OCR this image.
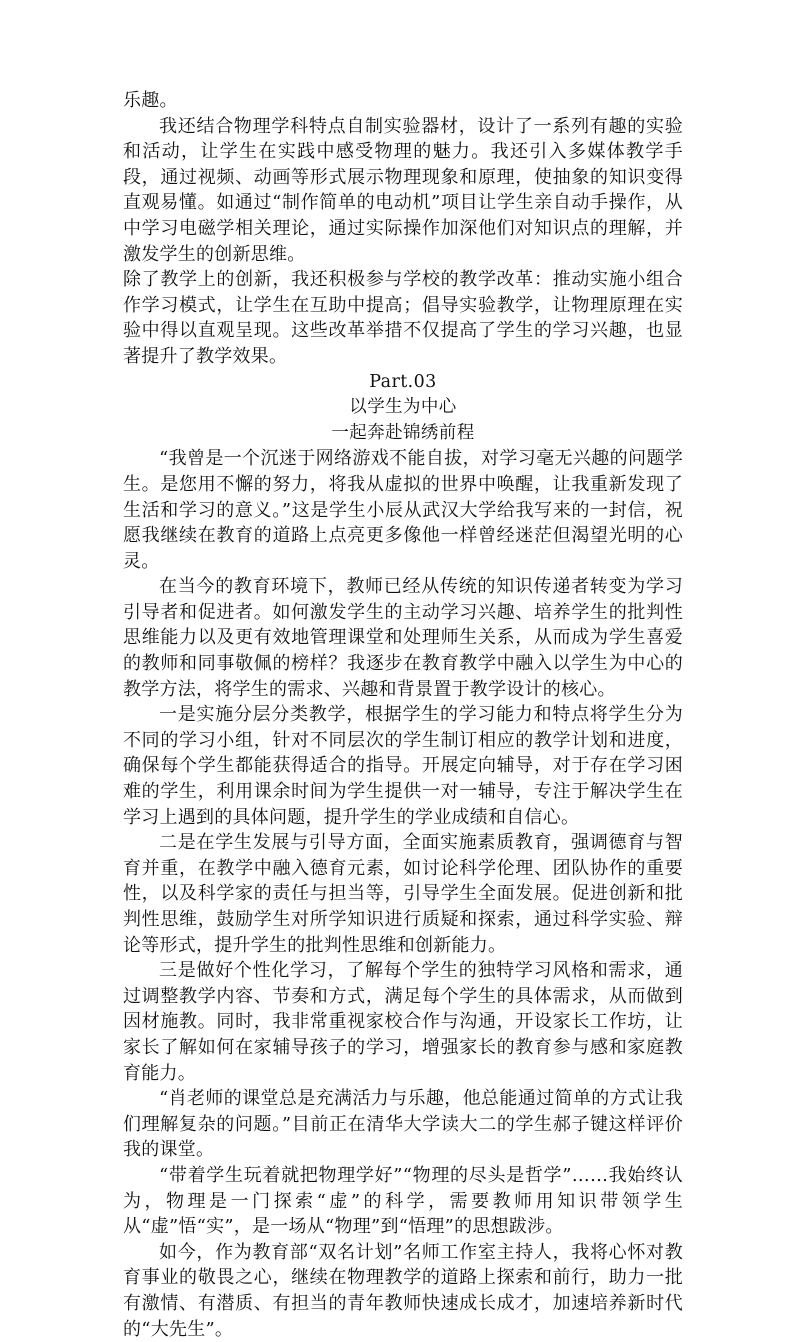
乐趣。

我还结合物理学科特点自制实验器材，设计了一系列有趣的实验和活动，让学生在实践中感受物理的魅力。我还引入多媒体教学手段，通过视频、动画等形式展示物理现象和原理，使抽象的知识变得直观易懂。如通过“制作简单的电动机”项目让学生亲自动手操作，从中学习电磁学相关理论，通过实际操作加深他们对知识点的理解，并激发学生的创新思维。

除了教学上的创新，我还积极参与学校的教学改革：推动实施小组合作学习模式，让学生在互助中提高；倡导实验教学，让物理原理在实验中得以直观呈现。这些改革举措不仅提高了学生的学习兴趣，也显著提升了教学效果。

Part.03

以学生为中心

一起奔赴锦绣前程

“我曾是一个沉迷于网络游戏不能自拔，对学习毫无兴趣的问题学生。是您用不懈的努力，将我从虚拟的世界中唤醒，让我重新发现了生活和学习的意义。”这是学生小辰从武汉大学给我写来的一封信，祝愿我继续在教育的道路上点亮更多像他一样曾经迷茫但渴望光明的心灵。

在当今的教育环境下，教师已经从传统的知识传递者转变为学习引导者和促进者。如何激发学生的主动学习兴趣、培养学生的批判性思维能力以及更有效地管理课堂和处理师生关系，从而成为学生喜爱的教师和同事敬佩的榜样？我逐步在教育教学中融入以学生为中心的教学方法，将学生的需求、兴趣和背景置于教学设计的核心。

一是实施分层分类教学，根据学生的学习能力和特点将学生分为不同的学习小组，针对不同层次的学生制订相应的教学计划和进度，确保每个学生都能获得适合的指导。开展定向辅导，对于存在学习困难的学生，利用课余时间为学生提供一对一辅导，专注于解决学生在学习上遇到的具体问题，提升学生的学业成绩和自信心。

二是在学生发展与引导方面，全面实施素质教育，强调德育与智育并重，在教学中融入德育元素，如讨论科学伦理、团队协作的重要性，以及科学家的责任与担当等，引导学生全面发展。促进创新和批判性思维，鼓励学生对所学知识进行质疑和探索，通过科学实验、辩论等形式，提升学生的批判性思维和创新能力。

三是做好个性化学习，了解每个学生的独特学习风格和需求，通过调整教学内容、节奏和方式，满足每个学生的具体需求，从而做到因材施教。同时，我非常重视家校合作与沟通，开设家长工作坊，让家长了解如何在家辅导孩子的学习，增强家长的教育参与感和家庭教育能力。

“肖老师的课堂总是充满活力与乐趣，他总能通过简单的方式让我们理解复杂的问题。”目前正在清华大学读大二的学生郝子键这样评价我的课堂。

“带着学生玩着就把物理学好”“物理的尽头是哲学”……我始终认为，物理是一门探索“虚”的科学，需要教师用知识带领学生从“虚”悟“实”，是一场从“物理”到“悟理”的思想跋涉。

如今，作为教育部“双名计划”名师工作室主持人，我将心怀对教育事业的敬畏之心，继续在物理教学的道路上探索和前行，助力一批有激情、有潜质、有担当的青年教师快速成长成才，加速培养新时代的“大先生”。
